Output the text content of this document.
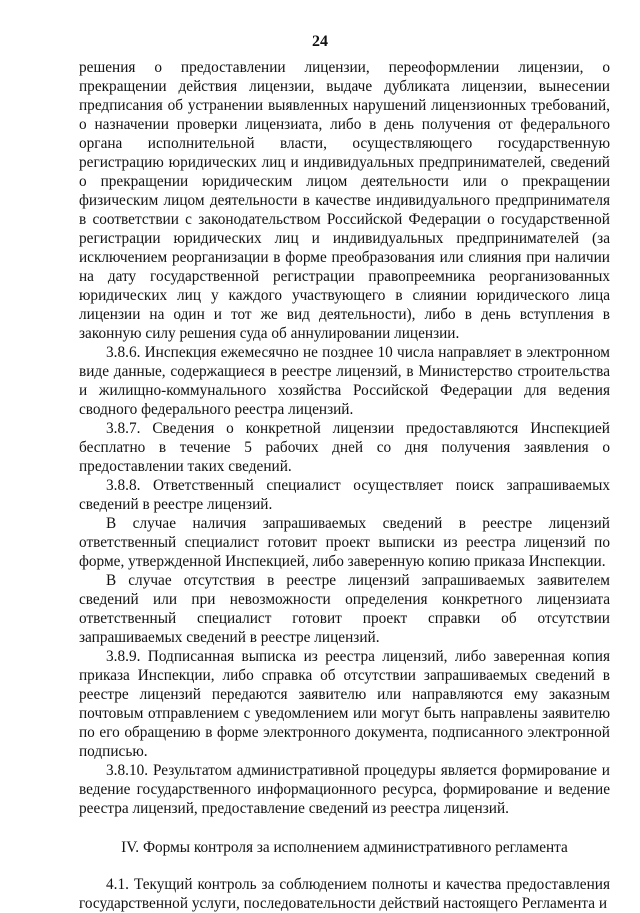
24

решения о предоставлении лицензии, переоформлении лицензии, о прекращении действия лицензии, выдаче дубликата лицензии, вынесении предписания об устранении выявленных нарушений лицензионных требований, о назначении проверки лицензиата, либо в день получения от федерального органа исполнительной власти, осуществляющего государственную регистрацию юридических лиц и индивидуальных предпринимателей, сведений о прекращении юридическим лицом деятельности или о прекращении физическим лицом деятельности в качестве индивидуального предпринимателя в соответствии с законодательством Российской Федерации о государственной регистрации юридических лиц и индивидуальных предпринимателей (за исключением реорганизации в форме преобразования или слияния при наличии на дату государственной регистрации правопреемника реорганизованных юридических лиц у каждого участвующего в слиянии юридического лица лицензии на один и тот же вид деятельности), либо в день вступления в законную силу решения суда об аннулировании лицензии.

3.8.6. Инспекция ежемесячно не позднее 10 числа направляет в электронном виде данные, содержащиеся в реестре лицензий, в Министерство строительства и жилищно-коммунального хозяйства Российской Федерации для ведения сводного федерального реестра лицензий.

3.8.7. Сведения о конкретной лицензии предоставляются Инспекцией бесплатно в течение 5 рабочих дней со дня получения заявления о предоставлении таких сведений.

3.8.8. Ответственный специалист осуществляет поиск запрашиваемых сведений в реестре лицензий.

В случае наличия запрашиваемых сведений в реестре лицензий ответственный специалист готовит проект выписки из реестра лицензий по форме, утвержденной Инспекцией, либо заверенную копию приказа Инспекции.

В случае отсутствия в реестре лицензий запрашиваемых заявителем сведений или при невозможности определения конкретного лицензиата ответственный специалист готовит проект справки об отсутствии запрашиваемых сведений в реестре лицензий.

3.8.9. Подписанная выписка из реестра лицензий, либо заверенная копия приказа Инспекции, либо справка об отсутствии запрашиваемых сведений в реестре лицензий передаются заявителю или направляются ему заказным почтовым отправлением с уведомлением или могут быть направлены заявителю по его обращению в форме электронного документа, подписанного электронной подписью.

3.8.10. Результатом административной процедуры является формирование и ведение государственного информационного ресурса, формирование и ведение реестра лицензий, предоставление сведений из реестра лицензий.

IV. Формы контроля за исполнением административного регламента

4.1. Текущий контроль за соблюдением полноты и качества предоставления государственной услуги, последовательности действий настоящего Регламента и
